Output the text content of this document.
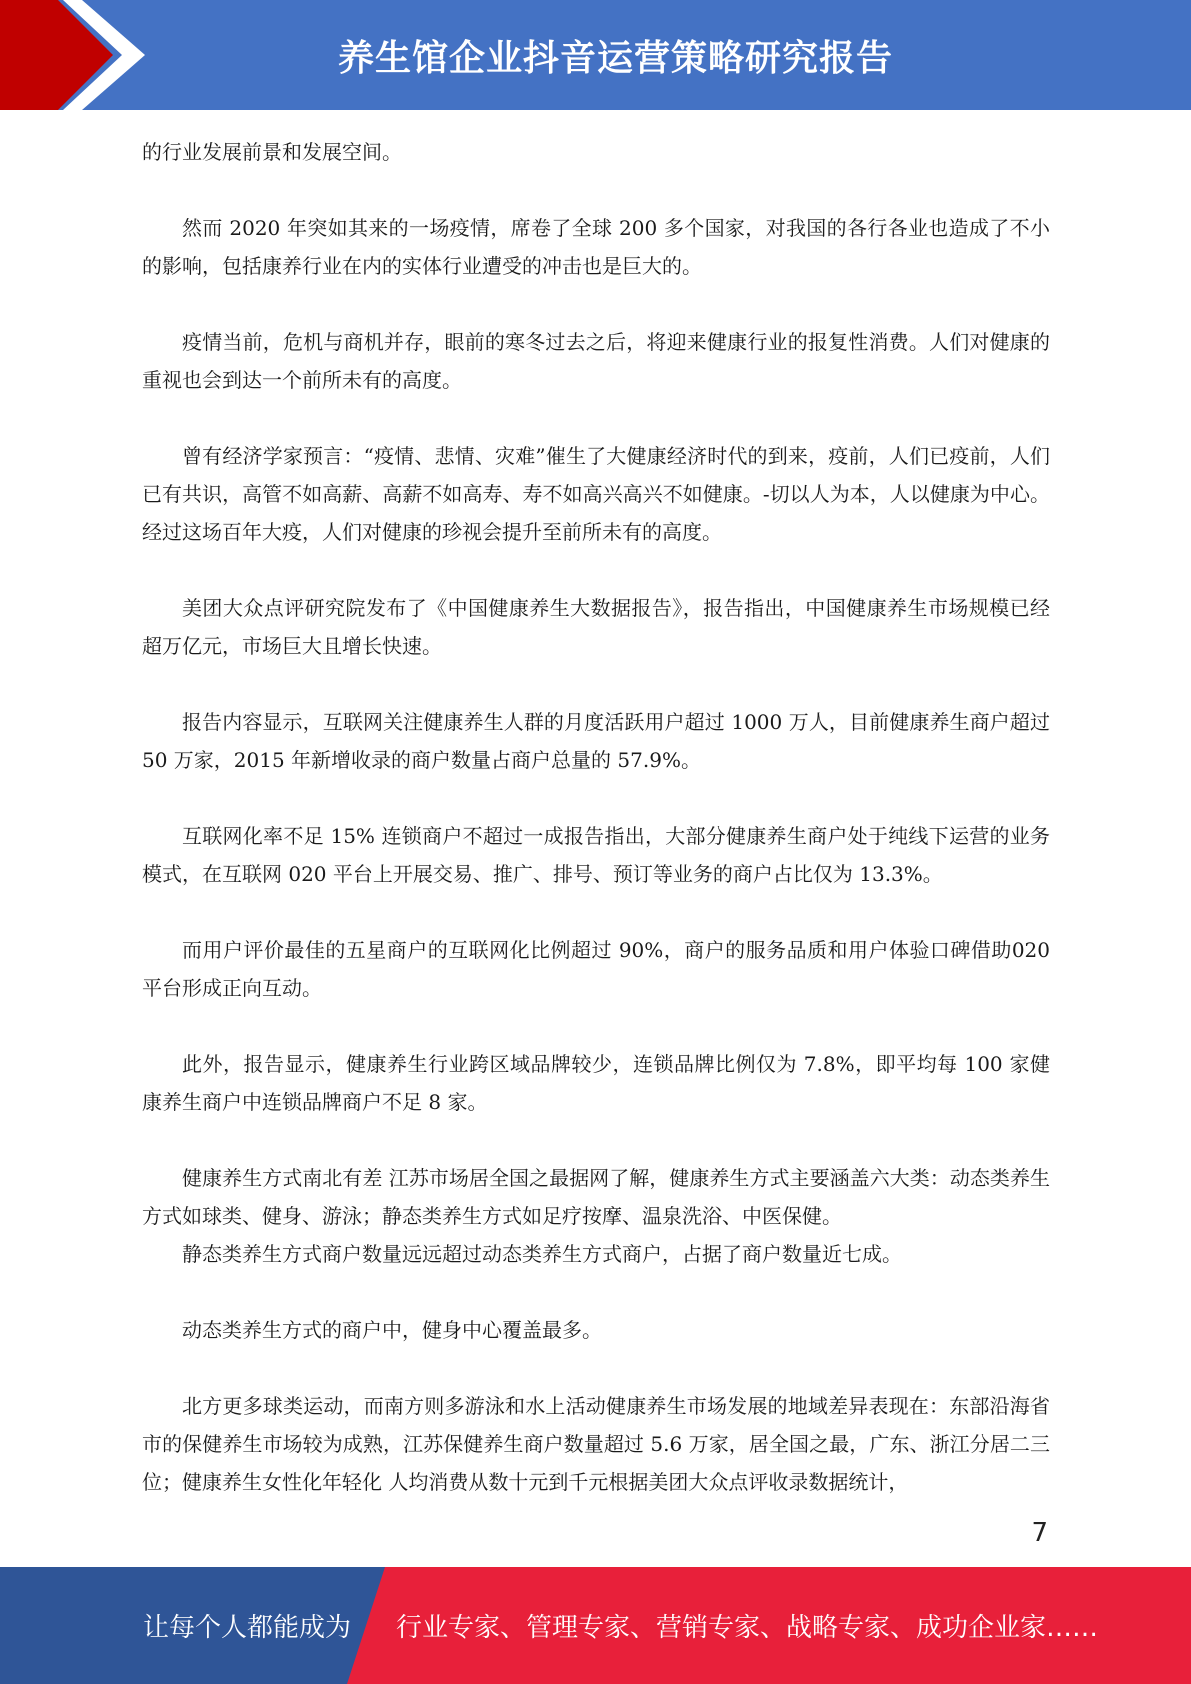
养生馆企业抖音运营策略研究报告

的行业发展前景和发展空间。

然而 2020 年突如其来的一场疫情，席卷了全球 200 多个国家，对我国的各行各业也造成了不小的影响，包括康养行业在内的实体行业遭受的冲击也是巨大的。

疫情当前，危机与商机并存，眼前的寒冬过去之后，将迎来健康行业的报复性消费。人们对健康的重视也会到达一个前所未有的高度。

曾有经济学家预言：“疫情、悲情、灾难”催生了大健康经济时代的到来，疫前，人们已疫前，人们已有共识，高管不如高薪、高薪不如高寿、寿不如高兴高兴不如健康。-切以人为本，人以健康为中心。经过这场百年大疫，人们对健康的珍视会提升至前所未有的高度。

美团大众点评研究院发布了《中国健康养生大数据报告》，报告指出，中国健康养生市场规模已经超万亿元，市场巨大且增长快速。

报告内容显示，互联网关注健康养生人群的月度活跃用户超过 1000 万人，目前健康养生商户超过 50 万家，2015 年新增收录的商户数量占商户总量的 57.9%。

互联网化率不足 15% 连锁商户不超过一成报告指出，大部分健康养生商户处于纯线下运营的业务模式，在互联网 020 平台上开展交易、推广、排号、预订等业务的商户占比仅为 13.3%。

而用户评价最佳的五星商户的互联网化比例超过 90%，商户的服务品质和用户体验口碑借助020 平台形成正向互动。

此外，报告显示，健康养生行业跨区域品牌较少，连锁品牌比例仅为 7.8%，即平均每 100 家健康养生商户中连锁品牌商户不足 8 家。

健康养生方式南北有差 江苏市场居全国之最据网了解，健康养生方式主要涵盖六大类：动态类养生方式如球类、健身、游泳；静态类养生方式如足疗按摩、温泉洗浴、中医保健。

静态类养生方式商户数量远远超过动态类养生方式商户，占据了商户数量近七成。

动态类养生方式的商户中，健身中心覆盖最多。

北方更多球类运动，而南方则多游泳和水上活动健康养生市场发展的地域差异表现在：东部沿海省市的保健养生市场较为成熟，江苏保健养生商户数量超过 5.6 万家，居全国之最，广东、浙江分居二三位；健康养生女性化年轻化 人均消费从数十元到千元根据美团大众点评收录数据统计，

7
让每个人都能成为 行业专家、管理专家、营销专家、战略专家、成功企业家……
